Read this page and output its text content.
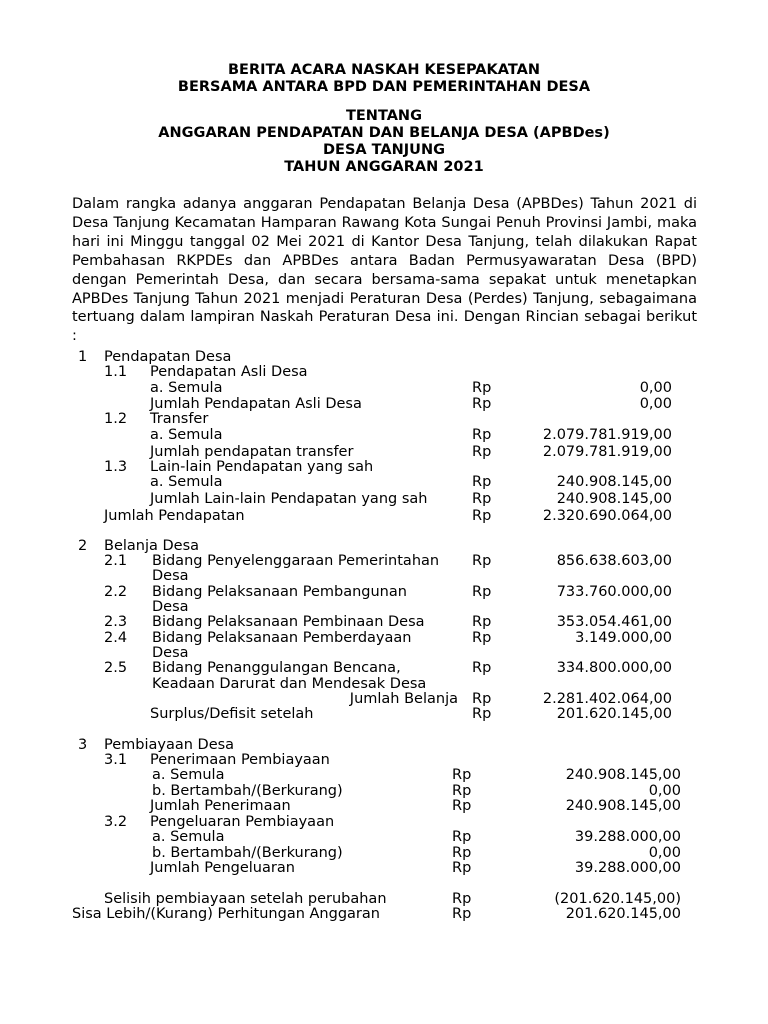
BERITA ACARA NASKAH KESEPAKATAN
BERSAMA ANTARA BPD DAN PEMERINTAHAN DESA
TENTANG
ANGGARAN PENDAPATAN DAN BELANJA DESA (APBDes)
DESA TANJUNG
TAHUN ANGGARAN 2021

Dalam rangka adanya anggaran Pendapatan Belanja Desa (APBDes) Tahun 2021 di Desa Tanjung Kecamatan Hamparan Rawang Kota Sungai Penuh Provinsi Jambi, maka hari ini Minggu tanggal 02 Mei 2021 di Kantor Desa Tanjung, telah dilakukan Rapat Pembahasan RKPDEs dan APBDes antara Badan Permusyawaratan Desa (BPD) dengan Pemerintah Desa, dan secara bersama-sama sepakat untuk menetapkan APBDes Tanjung Tahun 2021 menjadi Peraturan Desa (Perdes) Tanjung, sebagaimana tertuang dalam lampiran Naskah Peraturan Desa ini. Dengan Rincian sebagai berikut :

1 Pendapatan Desa
1.1 Pendapatan Asli Desa
a. Semula	Rp	0,00
Jumlah Pendapatan Asli Desa	Rp	0,00
1.2 Transfer
a. Semula	Rp	2.079.781.919,00
Jumlah pendapatan transfer	Rp	2.079.781.919,00
1.3 Lain-lain Pendapatan yang sah
a. Semula	Rp	240.908.145,00
Jumlah Lain-lain Pendapatan yang sah	Rp	240.908.145,00
Jumlah Pendapatan	Rp	2.320.690.064,00
2 Belanja Desa
2.1 Bidang Penyelenggaraan Pemerintahan
Desa
Rp	856.638.603,00
2.2 Bidang Pelaksanaan Pembangunan
Desa
Rp	733.760.000,00
2.3 Bidang Pelaksanaan Pembinaan Desa	Rp	353.054.461,00
2.4 Bidang Pelaksanaan Pemberdayaan
Desa
Rp	3.149.000,00
2.5 Bidang Penanggulangan Bencana,
Keadaan Darurat dan Mendesak Desa
Rp	334.800.000,00
Jumlah Belanja Rp	2.281.402.064,00
Surplus/Defisit setelah	Rp	201.620.145,00
3 Pembiayaan Desa
3.1 Penerimaan Pembiayaan
a. Semula	Rp	240.908.145,00
b. Bertambah/(Berkurang)	Rp	0,00
Jumlah Penerimaan	Rp	240.908.145,00
3.2 Pengeluaran Pembiayaan
a. Semula	Rp	39.288.000,00
b. Bertambah/(Berkurang)	Rp	0,00
Jumlah Pengeluaran	Rp	39.288.000,00
Selisih pembiayaan setelah perubahan	Rp	(201.620.145,00)
Sisa Lebih/(Kurang) Perhitungan Anggaran	Rp	201.620.145,00
